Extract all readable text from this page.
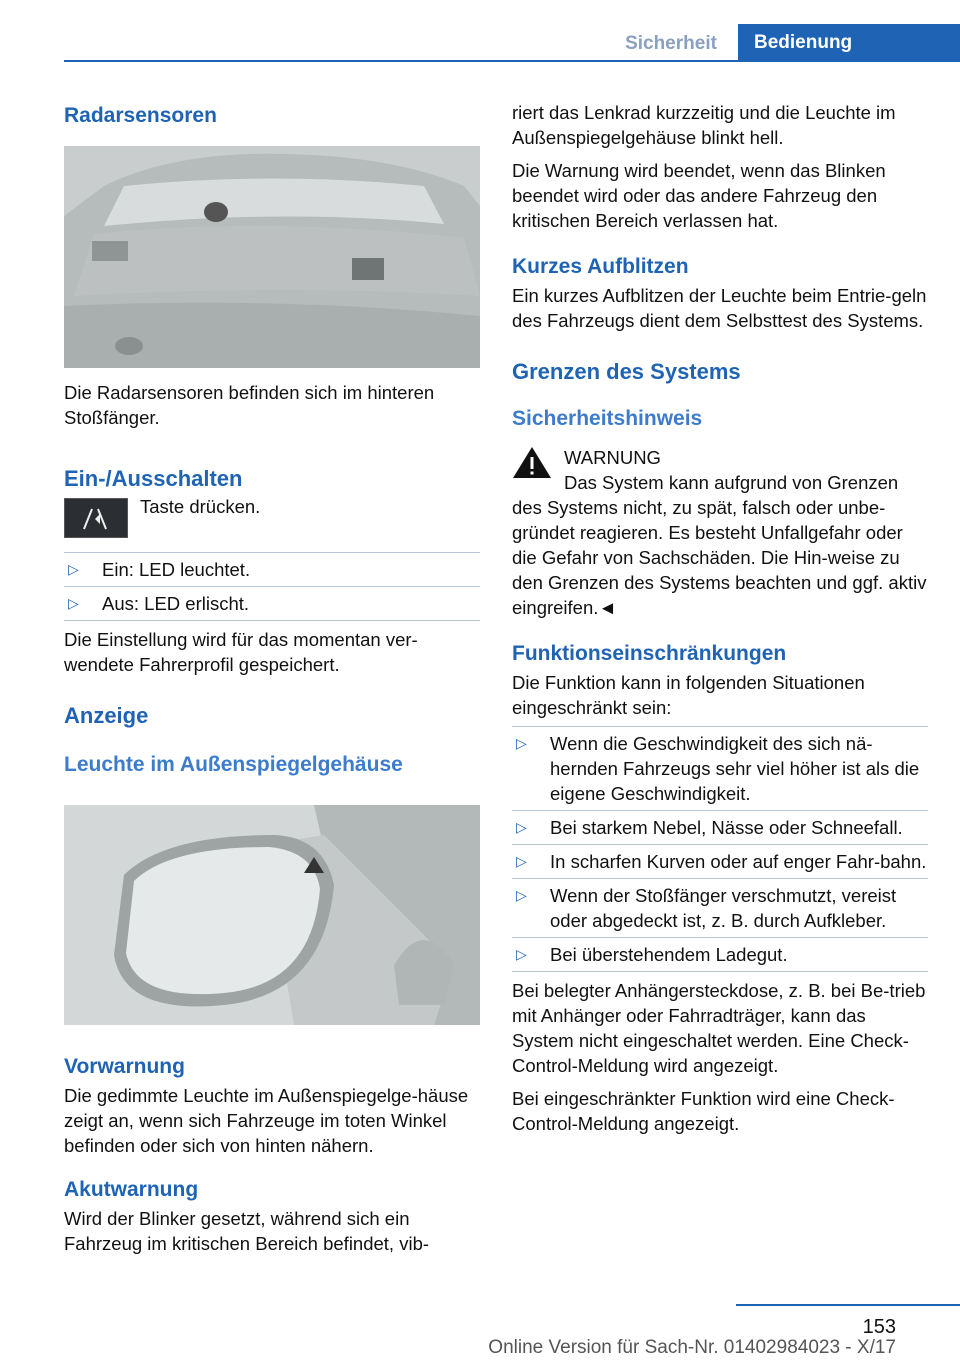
Sicherheit	Bedienung
Radarsensoren

Die Radarsensoren befinden sich im hinteren Stoßfänger.

Ein-/Ausschalten

Taste drücken.

▷	Ein: LED leuchtet.
▷	Aus: LED erlischt.

Die Einstellung wird für das momentan ver-wendete Fahrerprofil gespeichert.

Anzeige
Leuchte im Außenspiegelgehäuse
Vorwarnung

Die gedimmte Leuchte im Außenspiegelge-häuse zeigt an, wenn sich Fahrzeuge im toten Winkel befinden oder sich von hinten nähern.

Akutwarnung

Wird der Blinker gesetzt, während sich ein Fahrzeug im kritischen Bereich befindet, vib-

riert das Lenkrad kurzzeitig und die Leuchte im Außenspiegelgehäuse blinkt hell.

Die Warnung wird beendet, wenn das Blinken beendet wird oder das andere Fahrzeug den kritischen Bereich verlassen hat.

Kurzes Aufblitzen

Ein kurzes Aufblitzen der Leuchte beim Entrie-geln des Fahrzeugs dient dem Selbsttest des Systems.

Grenzen des Systems
Sicherheitshinweis

WARNUNG

Das System kann aufgrund von Grenzen

des Systems nicht, zu spät, falsch oder unbe-gründet reagieren. Es besteht Unfallgefahr oder die Gefahr von Sachschäden. Die Hin-weise zu den Grenzen des Systems beachten und ggf. aktiv eingreifen.◄

Funktionseinschränkungen

Die Funktion kann in folgenden Situationen eingeschränkt sein:

▷	Wenn die Geschwindigkeit des sich nä-hernden Fahrzeugs sehr viel höher ist als die eigene Geschwindigkeit.
▷	Bei starkem Nebel, Nässe oder Schneefall.
▷	In scharfen Kurven oder auf enger Fahr-bahn.
▷	Wenn der Stoßfänger verschmutzt, vereist oder abgedeckt ist, z. B. durch Aufkleber.
▷	Bei überstehendem Ladegut.

Bei belegter Anhängersteckdose, z. B. bei Be-trieb mit Anhänger oder Fahrradträger, kann das System nicht eingeschaltet werden. Eine Check-Control-Meldung wird angezeigt.

Bei eingeschränkter Funktion wird eine Check-Control-Meldung angezeigt.

153
Online Version für Sach-Nr. 01402984023 - X/17
